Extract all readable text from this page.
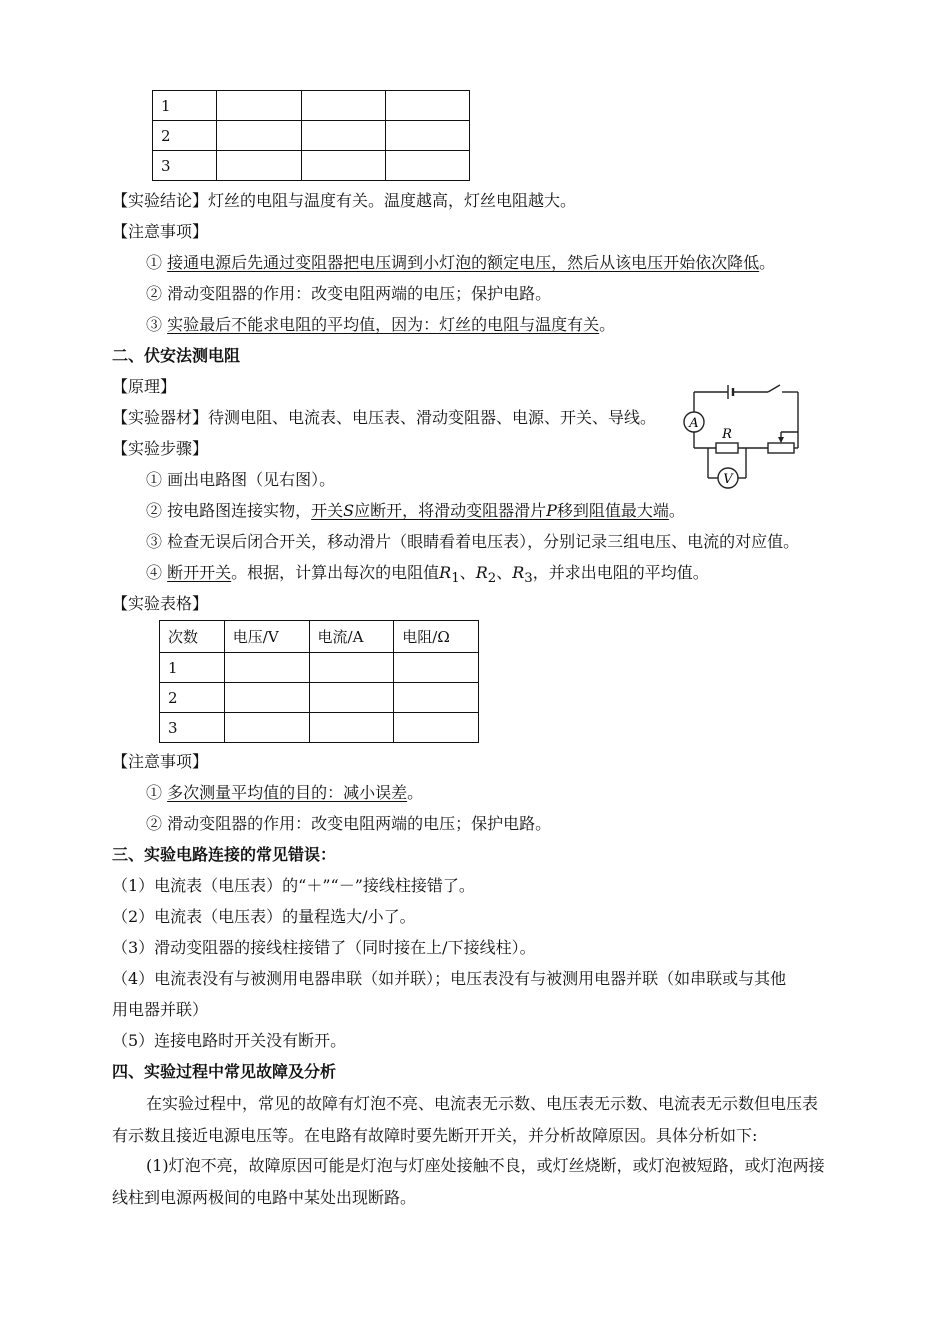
1			
2			
3			
【实验结论】灯丝的电阻与温度有关。温度越高，灯丝电阻越大。
【注意事项】
① 接通电源后先通过变阻器把电压调到小灯泡的额定电压，然后从该电压开始依次降低。
② 滑动变阻器的作用：改变电阻两端的电压；保护电路。
③ 实验最后不能求电阻的平均值，因为：灯丝的电阻与温度有关。
二、伏安法测电阻
【原理】
【实验器材】待测电阻、电流表、电压表、滑动变阻器、电源、开关、导线。
【实验步骤】
A
V
R
① 画出电路图（见右图）。
② 按电路图连接实物，开关S应断开，将滑动变阻器滑片P移到阻值最大端。
③ 检查无误后闭合开关，移动滑片（眼睛看着电压表），分别记录三组电压、电流的对应值。
④ 断开开关。根据，计算出每次的电阻值$R_1$、$R_2$、$R_3$，并求出电阻的平均值。
【实验表格】
次数	电压/V	电流/A	电阻/Ω
1			
2			
3			
【注意事项】
① 多次测量平均值的目的：减小误差。
② 滑动变阻器的作用：改变电阻两端的电压；保护电路。
三、实验电路连接的常见错误：
（1）电流表（电压表）的“＋”“－”接线柱接错了。
（2）电流表（电压表）的量程选大/小了。
（3）滑动变阻器的接线柱接错了（同时接在上/下接线柱）。
（4）电流表没有与被测用电器串联（如并联）；电压表没有与被测用电器并联（如串联或与其他
用电器并联）
（5）连接电路时开关没有断开。
四、实验过程中常见故障及分析
在实验过程中，常见的故障有灯泡不亮、电流表无示数、电压表无示数、电流表无示数但电压表有示数且接近电源电压等。在电路有故障时要先断开开关，并分析故障原因。具体分析如下:
(1)灯泡不亮，故障原因可能是灯泡与灯座处接触不良，或灯丝烧断，或灯泡被短路，或灯泡两接线柱到电源两极间的电路中某处出现断路。
